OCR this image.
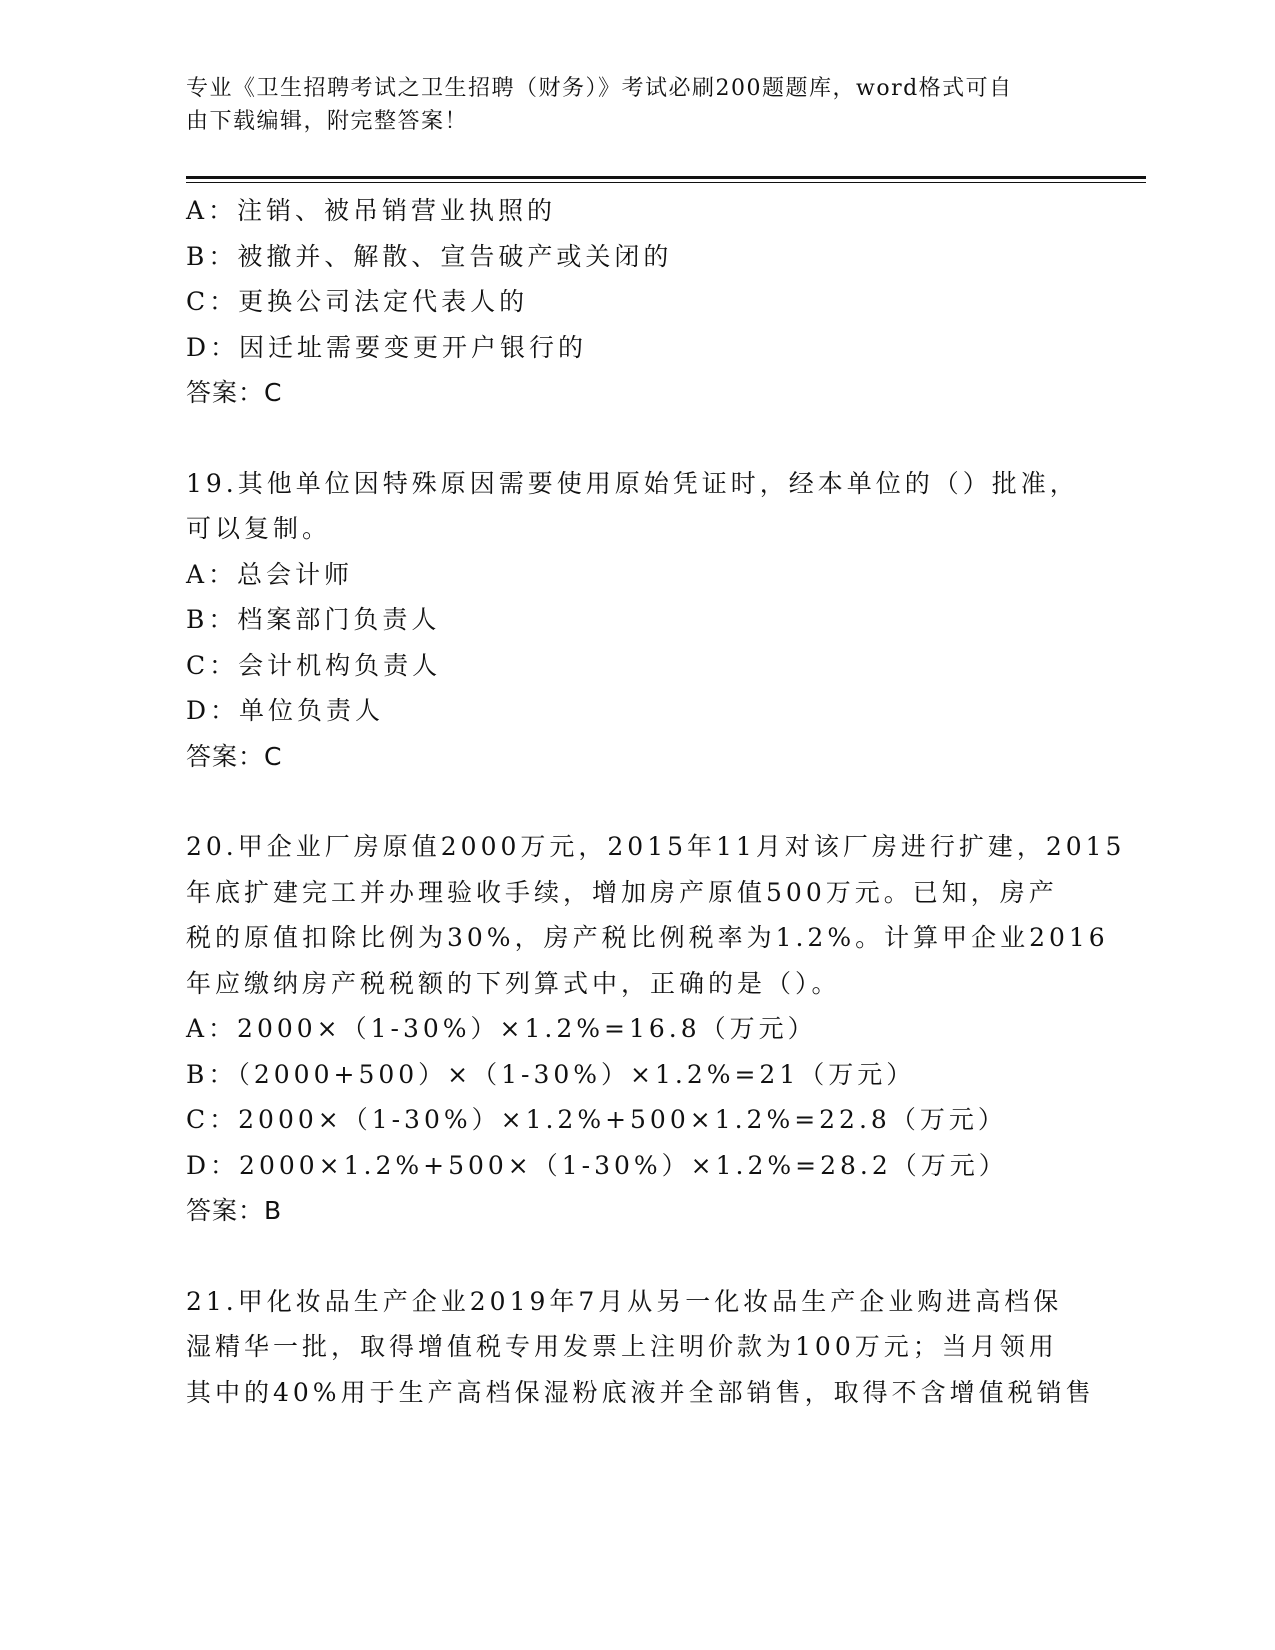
专业《卫生招聘考试之卫生招聘（财务）》考试必刷200题题库，word格式可自
由下载编辑，附完整答案！
A：注销、被吊销营业执照的
B：被撤并、解散、宣告破产或关闭的
C：更换公司法定代表人的
D：因迁址需要变更开户银行的
答案：C
19.其他单位因特殊原因需要使用原始凭证时，经本单位的（）批准，
可以复制。
A：总会计师
B：档案部门负责人
C：会计机构负责人
D：单位负责人
答案：C
20.甲企业厂房原值2000万元，2015年11月对该厂房进行扩建，2015
年底扩建完工并办理验收手续，增加房产原值500万元。已知，房产
税的原值扣除比例为30%，房产税比例税率为1.2%。计算甲企业2016
年应缴纳房产税税额的下列算式中，正确的是（）。
A：2000×（1-30%）×1.2%=16.8（万元）
B：（2000+500）×（1-30%）×1.2%=21（万元）
C：2000×（1-30%）×1.2%+500×1.2%=22.8（万元）
D：2000×1.2%+500×（1-30%）×1.2%=28.2（万元）
答案：B
21.甲化妆品生产企业2019年7月从另一化妆品生产企业购进高档保
湿精华一批，取得增值税专用发票上注明价款为100万元；当月领用
其中的40%用于生产高档保湿粉底液并全部销售，取得不含增值税销售
